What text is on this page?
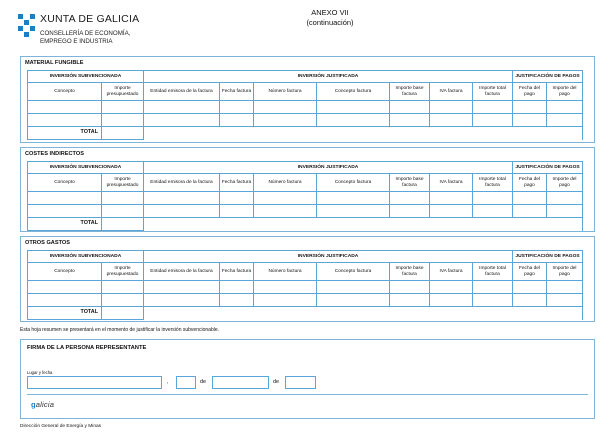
XUNTA DE GALICIA
CONSELLERÍA DE ECONOMÍA,
EMPREGO E INDUSTRIA
ANEXO VII
(continuación)
MATERIAL FUNGIBLE
INVERSIÓN SUBVENCIONADA		INVERSIÓN JUSTIFICADA							JUSTIFICACIÓN DE PAGOS	
Concepto	Importe presupuestado	Entidad emisora de la factura	Fecha factura	Número factura	Concepto factura	Importe base factura	IVA factura	Importe total factura	Fecha del pago	Importe del pago

TOTAL										
COSTES INDIRECTOS
INVERSIÓN SUBVENCIONADA		INVERSIÓN JUSTIFICADA							JUSTIFICACIÓN DE PAGOS	
Concepto	Importe presupuestado	Entidad emisora de la factura	Fecha factura	Número factura	Concepto factura	Importe base factura	IVA factura	Importe total factura	Fecha del pago	Importe del pago

TOTAL										
OTROS GASTOS
INVERSIÓN SUBVENCIONADA		INVERSIÓN JUSTIFICADA							JUSTIFICACIÓN DE PAGOS	
Concepto	Importe presupuestado	Entidad emisora de la factura	Fecha factura	Número factura	Concepto factura	Importe base factura	IVA factura	Importe total factura	Fecha del pago	Importe del pago

TOTAL										
Esta hoja resumen se presentará en el momento de justificar la inversión subvencionable.
FIRMA DE LA PERSONA REPRESENTANTE
Lugar y fecha
,	de	de
galicia
Dirección General de Energía y Minas
